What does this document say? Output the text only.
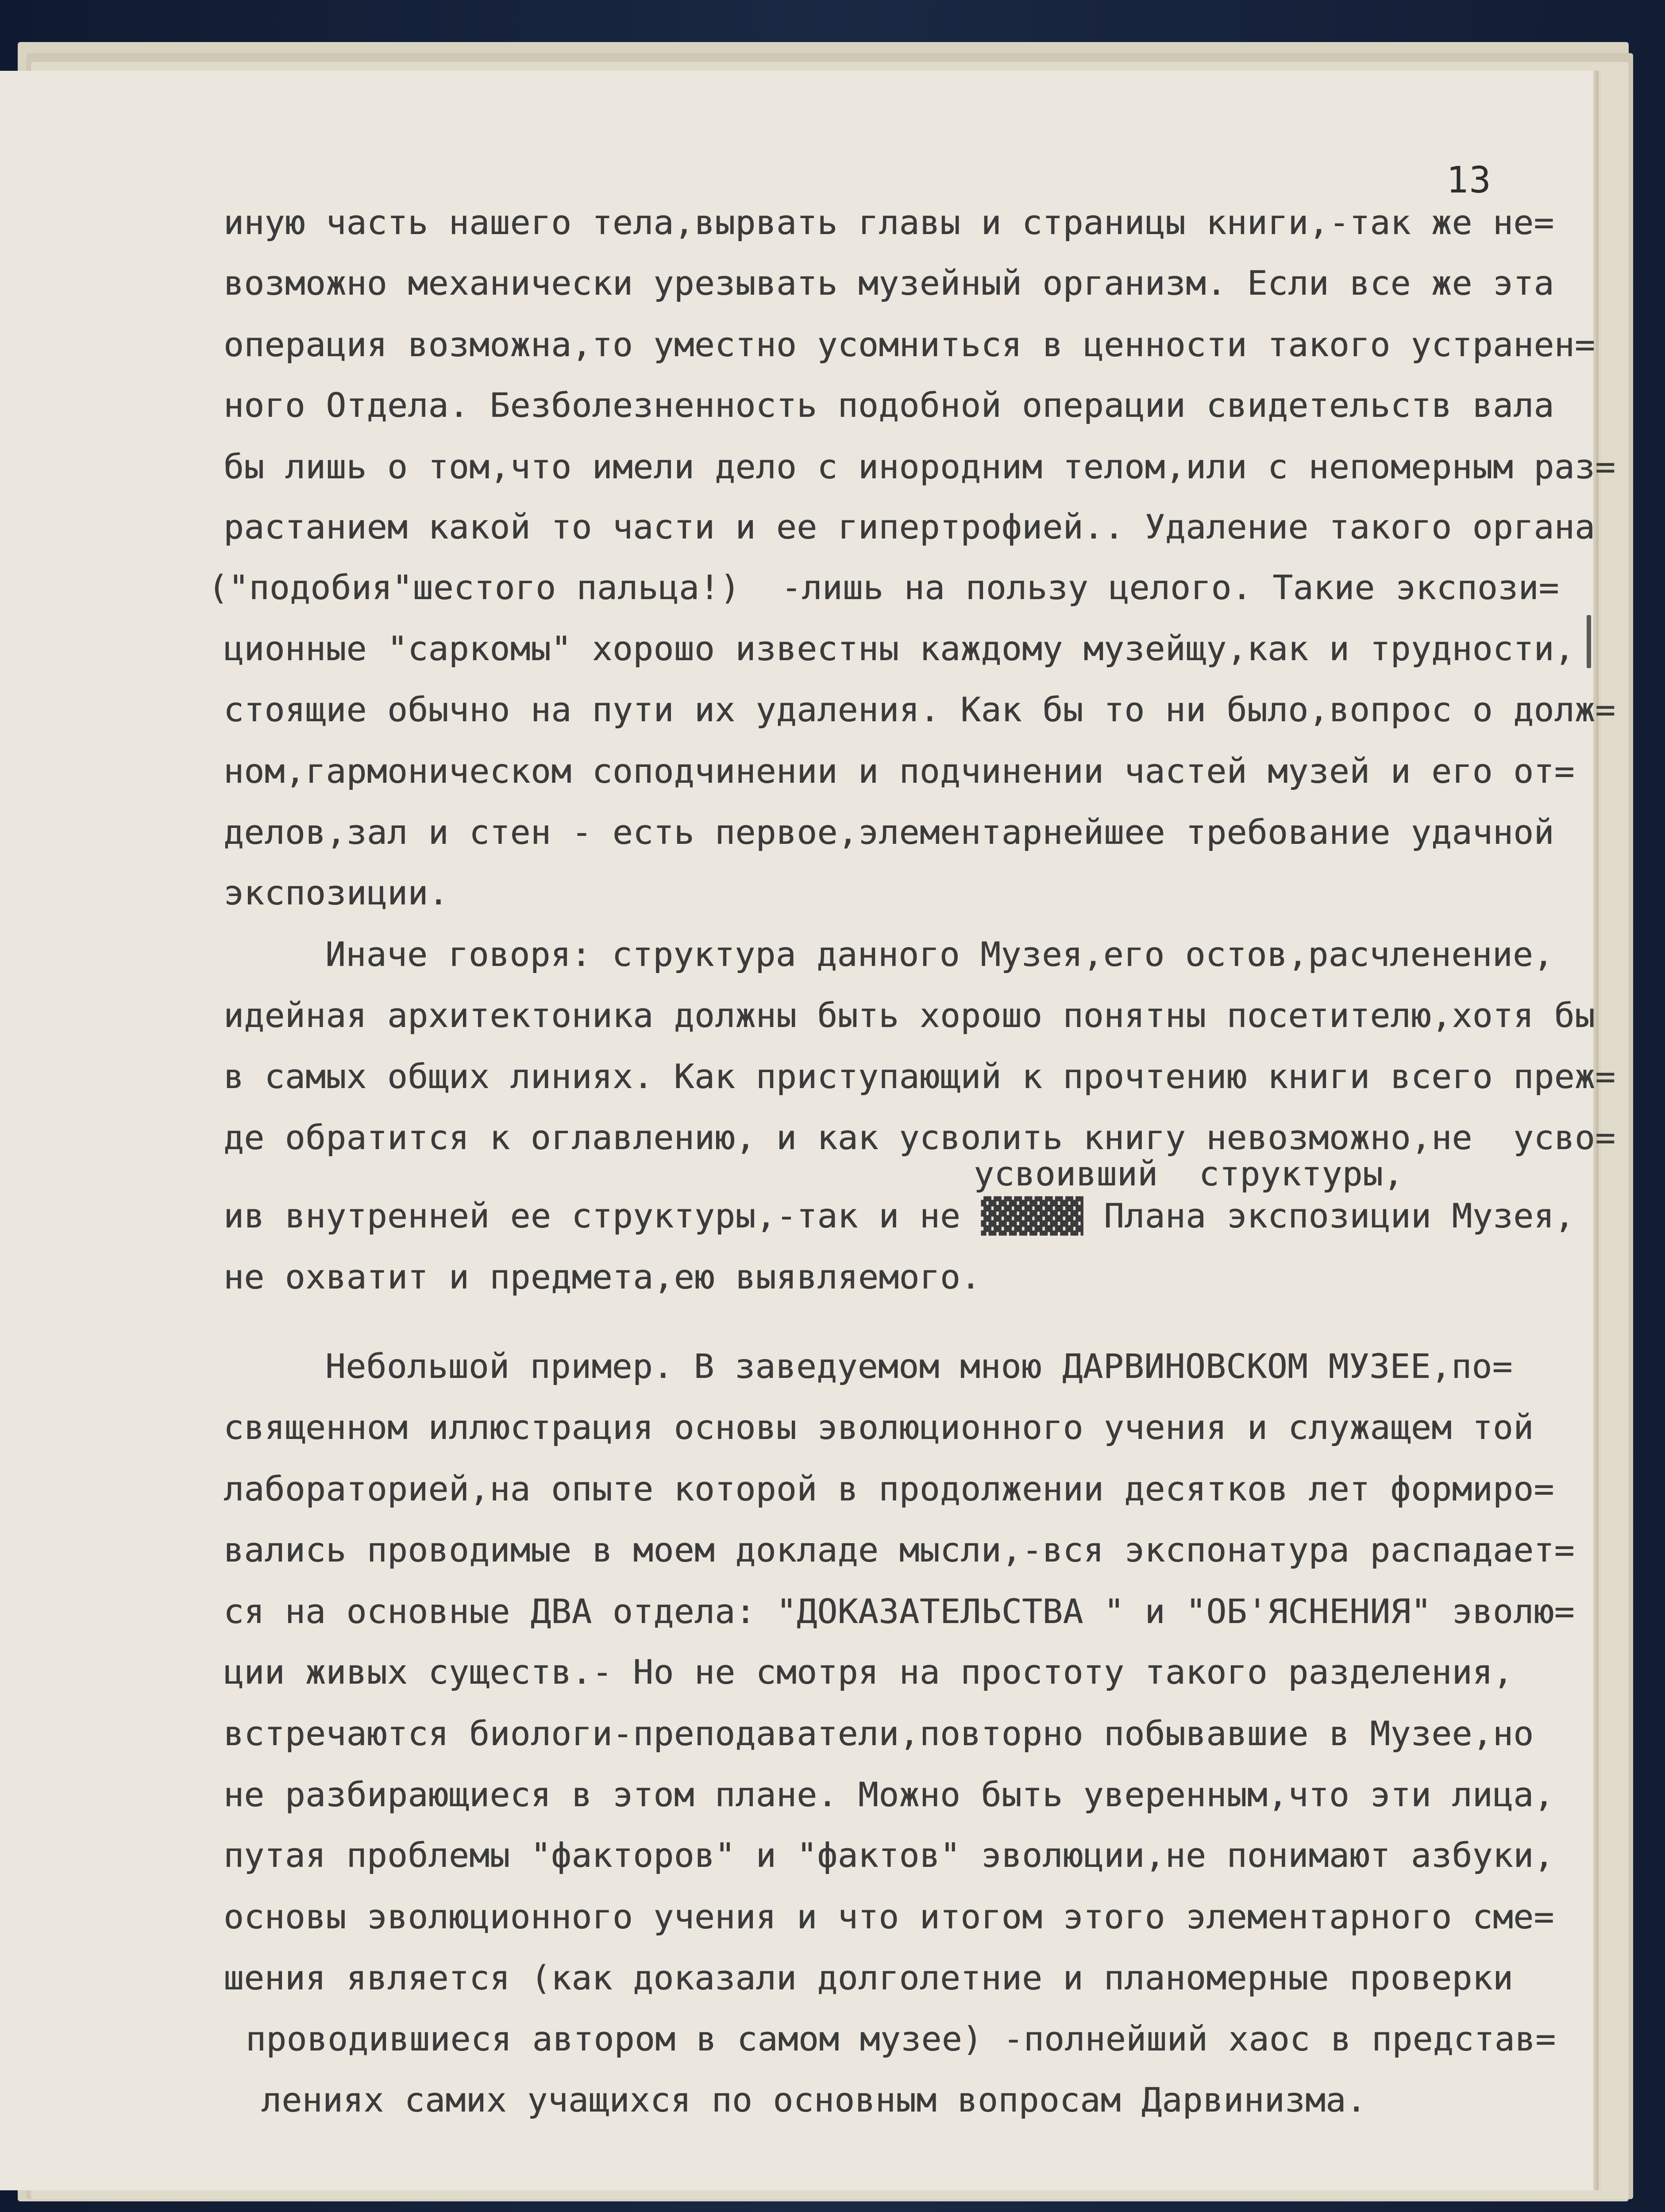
13
иную часть нашего тела,вырвать главы и страницы книги,-так же не=
возможно механически урезывать музейный организм. Если все же эта
операция возможна,то уместно усомниться в ценности такого устранен=
ного Отдела. Безболезненность подобной операции свидетельств вала
бы лишь о том,что имели дело с инородним телом,или с непомерным раз=
растанием какой то части и ее гипертрофией.. Удаление такого органа
("подобия"шестого пальца!)  -лишь на пользу целого. Такие экспози=
ционные "саркомы" хорошо известны каждому музейщу,как и трудности,
стоящие обычно на пути их удаления. Как бы то ни было,вопрос о долж=
ном,гармоническом соподчинении и подчинении частей музей и его от=
делов,зал и стен - есть первое,элементарнейшее требование удачной
экспозиции.
Иначе говоря: структура данного Музея,его остов,расчленение,
идейная архитектоника должны быть хорошо понятны посетителю,хотя бы
в самых общих линиях. Как приступающий к прочтению книги всего преж=
де обратится к оглавлению, и как усволить книгу невозможно,не  усво=
усвоивший  структуры,
ив внутренней ее структуры,-так и не ▓▓▓▓▓ Плана экспозиции Музея,
не охватит и предмета,ею выявляемого.
Небольшой пример. В заведуемом мною ДАРВИНОВСКОМ МУЗЕЕ,по=
священном иллюстрация основы эволюционного учения и служащем той
лабораторией,на опыте которой в продолжении десятков лет формиро=
вались проводимые в моем докладе мысли,-вся экспонатура распадает=
ся на основные ДВА отдела: "ДОКАЗАТЕЛЬСТВА " и "ОБ'ЯСНЕНИЯ" эволю=
ции живых существ.- Но не смотря на простоту такого разделения,
встречаются биологи-преподаватели,повторно побывавшие в Музее,но
не разбирающиеся в этом плане. Можно быть уверенным,что эти лица,
путая проблемы "факторов" и "фактов" эволюции,не понимают азбуки,
основы эволюционного учения и что итогом этого элементарного сме=
шения является (как доказали долголетние и планомерные проверки
проводившиеся автором в самом музее) -полнейший хаос в представ=
лениях самих учащихся по основным вопросам Дарвинизма.
